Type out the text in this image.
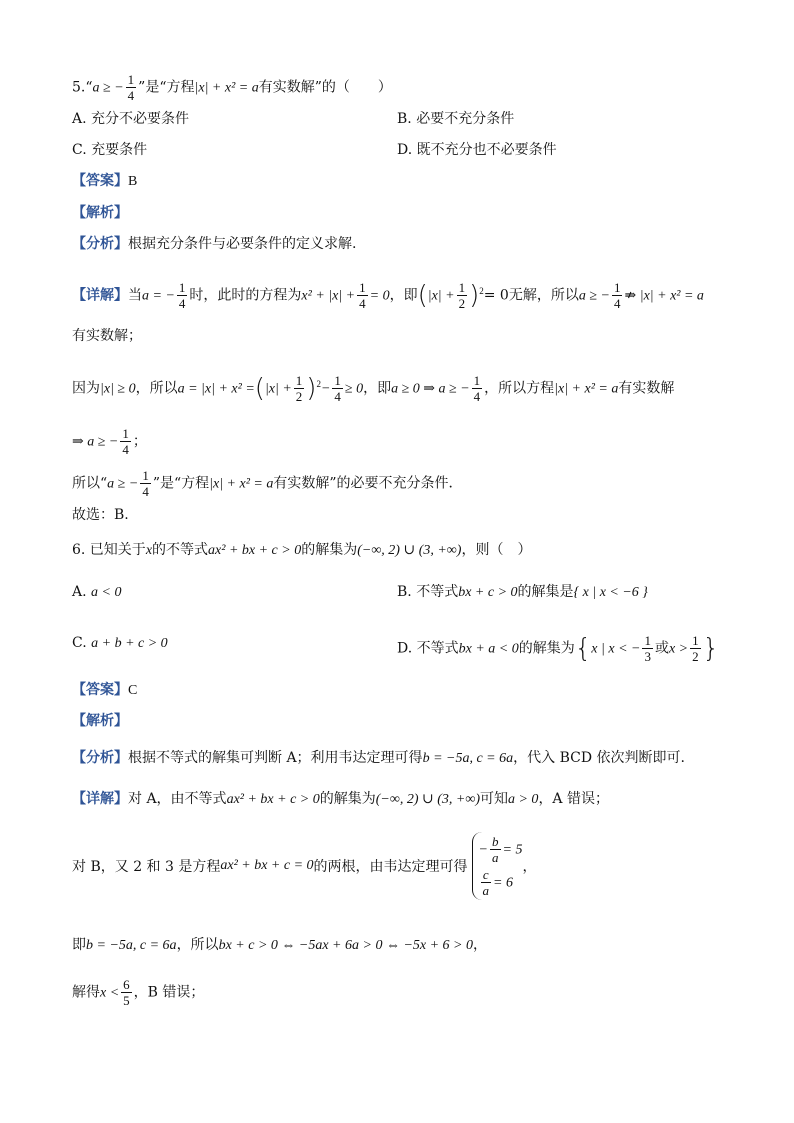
5.“a ≥ − $\frac{1}{4}$ ”是“方程|x| + x² = a有实数解”的（　　）
A. 充分不必要条件	B. 必要不充分条件
C. 充要条件	D. 既不充分也不必要条件
【答案】B
【解析】
【分析】根据充分条件与必要条件的定义求解.
【详解】当a = − $\frac{1}{4}$ 时，此时的方程为$x^2 + |x| + \frac{1}{4} = 0$，即$(|x| + \frac{1}{2} )^2= 0$无解，所以a ≥ − $\frac{1}{4}$ ⇏ |x| + x² = a
有实数解；
因为|x| ≥ 0，所以$a = |x| + x^2 =(|x| + \frac{1}{2} )^2- \frac{1}{4} \ge 0$，即a ≥ 0 ⇒ a ≥ − $\frac{1}{4}$ ，所以方程|x| + x² = a有实数解
⇒ a ≥ − $\frac{1}{4}$ ；
所以“a ≥ − $\frac{1}{4}$ ”是“方程|x| + x² = a有实数解”的必要不充分条件．
故选：B.
6. 已知关于x的不等式ax² + bx + c > 0的解集为(−∞, 2) ∪ (3, +∞)，则（　）
A. a < 0	B. 不等式bx + c > 0的解集是{ x | x < −6 }
C. a + b + c > 0	D. 不等式bx + a < 0的解集为{x | x < − $\frac{1}{3}$ 或$x > \frac{1}{2}$ }
【答案】C
【解析】
【分析】根据不等式的解集可判断 A；利用韦达定理可得b = −5a, c = 6a，代入 BCD 依次判断即可.
【详解】对 A，由不等式ax² + bx + c > 0的解集为(−∞, 2) ∪ (3, +∞)可知a > 0，A 错误；
对 B，又 2 和 3 是方程ax² + bx + c = 0的两根，由韦达定理可得
− $\frac{b}{a} = 5$
$\frac{c}{a} = 6$
，
即b = −5a, c = 6a，所以bx + c > 0 ⇔ −5ax + 6a > 0 ⇔ −5x + 6 > 0，
解得$x < \frac{6}{5}$ ，B 错误；
